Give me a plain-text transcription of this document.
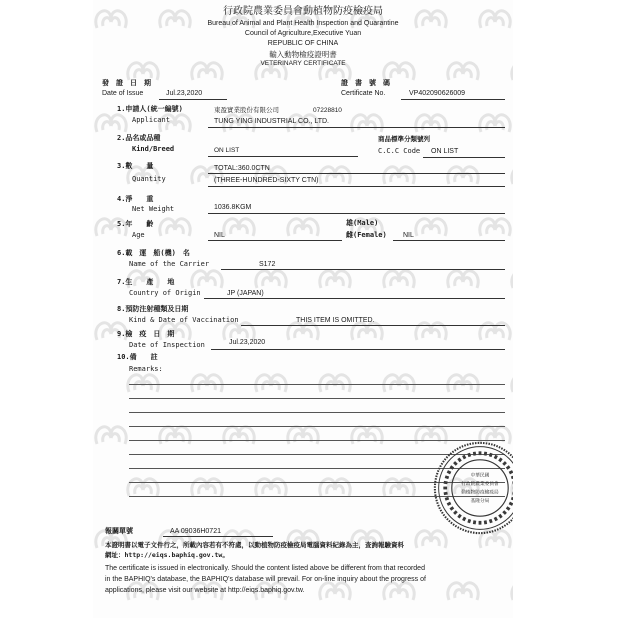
行政院農業委員會動植物防疫檢疫局
Bureau of Animal and Plant Health Inspection and Quarantine
Council of Agriculture,Executive Yuan
REPUBLIC OF CHINA
輸入動物檢疫證明書
VETERINARY CERTIFICATE
發　證　日　期
Date of Issue	Jul.23,2020
證　書　號　碼
Certificate No.	VP402090626009
1.申請人(統一編號)
Applicant
東盈實業股份有限公司	07228810
TUNG YING INDUSTRIAL CO., LTD.
2.品名或品種
Kind/Breed	ON LIST
商品標準分類號列
C.C.C Code ON LIST
3.數　　量
Quantity
TOTAL:360.0CTN
(THREE-HUNDRED-SIXTY CTN)
4.淨　　重
Net Weight	1036.8KGM
5.年　　齡
Age	NIL
雄(Male)
雌(Female) NIL
6.載　運　船(機)　名
Name of the Carrier	S172
7.生　　產　　地
Country of Origin	JP (JAPAN)
8.預防注射種類及日期
Kind & Date of Vaccination	THIS ITEM IS OMITTED.
9.檢　疫　日　期
Date of Inspection	Jul.23,2020
10.備　　註
Remarks:
中華民國
行政院農業委員會
動植物防疫檢疫局
基隆分局
報關單號	AA 09036H0721
本證明書以電子文件行之，所載內容若有不符處，以動植物防疫檢疫局電腦資料紀錄為主，查詢報驗資料
網址：http://eiqs.baphiq.gov.tw。
The certificate is issued in electronically. Should the content listed above be different from that recorded
in the BAPHIQ's database, the BAPHIQ's database will prevail. For on-line inquiry about the progress of
applications, please visit our website at http://eiqs.baphiq.gov.tw.
